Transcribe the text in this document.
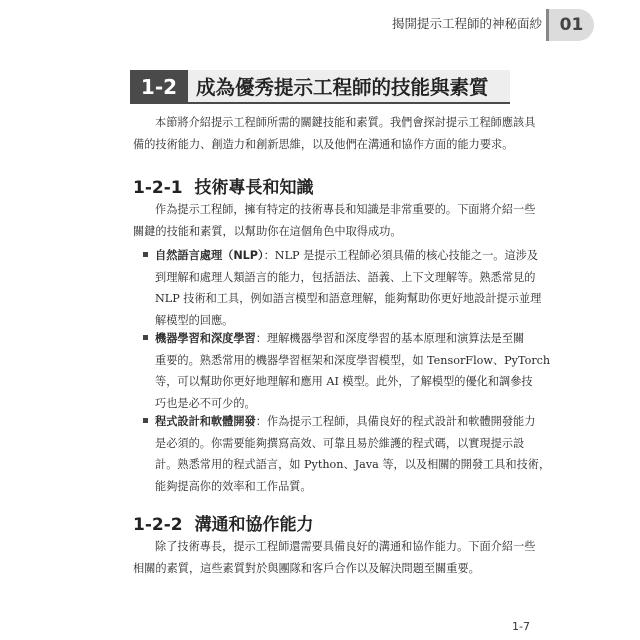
揭開提示工程師的神秘面紗	01
1-2 成為優秀提示工程師的技能與素質

本節將介紹提示工程師所需的關鍵技能和素質。我們會探討提示工程師應該具
備的技術能力、創造力和創新思維，以及他們在溝通和協作方面的能力要求。

1-2-1 技術專長和知識

作為提示工程師，擁有特定的技術專長和知識是非常重要的。下面將介紹一些
關鍵的技能和素質，以幫助你在這個角色中取得成功。

自然語言處理（NLP）：NLP 是提示工程師必須具備的核心技能之一。這涉及
到理解和處理人類語言的能力，包括語法、語義、上下文理解等。熟悉常見的
NLP 技術和工具，例如語言模型和語意理解，能夠幫助你更好地設計提示並理
解模型的回應。
機器學習和深度學習：理解機器學習和深度學習的基本原理和演算法是至關
重要的。熟悉常用的機器學習框架和深度學習模型，如 TensorFlow、PyTorch
等，可以幫助你更好地理解和應用 AI 模型。此外，了解模型的優化和調參技
巧也是必不可少的。
程式設計和軟體開發：作為提示工程師，具備良好的程式設計和軟體開發能力
是必須的。你需要能夠撰寫高效、可靠且易於維護的程式碼，以實現提示設
計。熟悉常用的程式語言，如 Python、Java 等，以及相關的開發工具和技術，
能夠提高你的效率和工作品質。
1-2-2 溝通和協作能力

除了技術專長，提示工程師還需要具備良好的溝通和協作能力。下面介紹一些
相關的素質，這些素質對於與團隊和客戶合作以及解決問題至關重要。

1-7
